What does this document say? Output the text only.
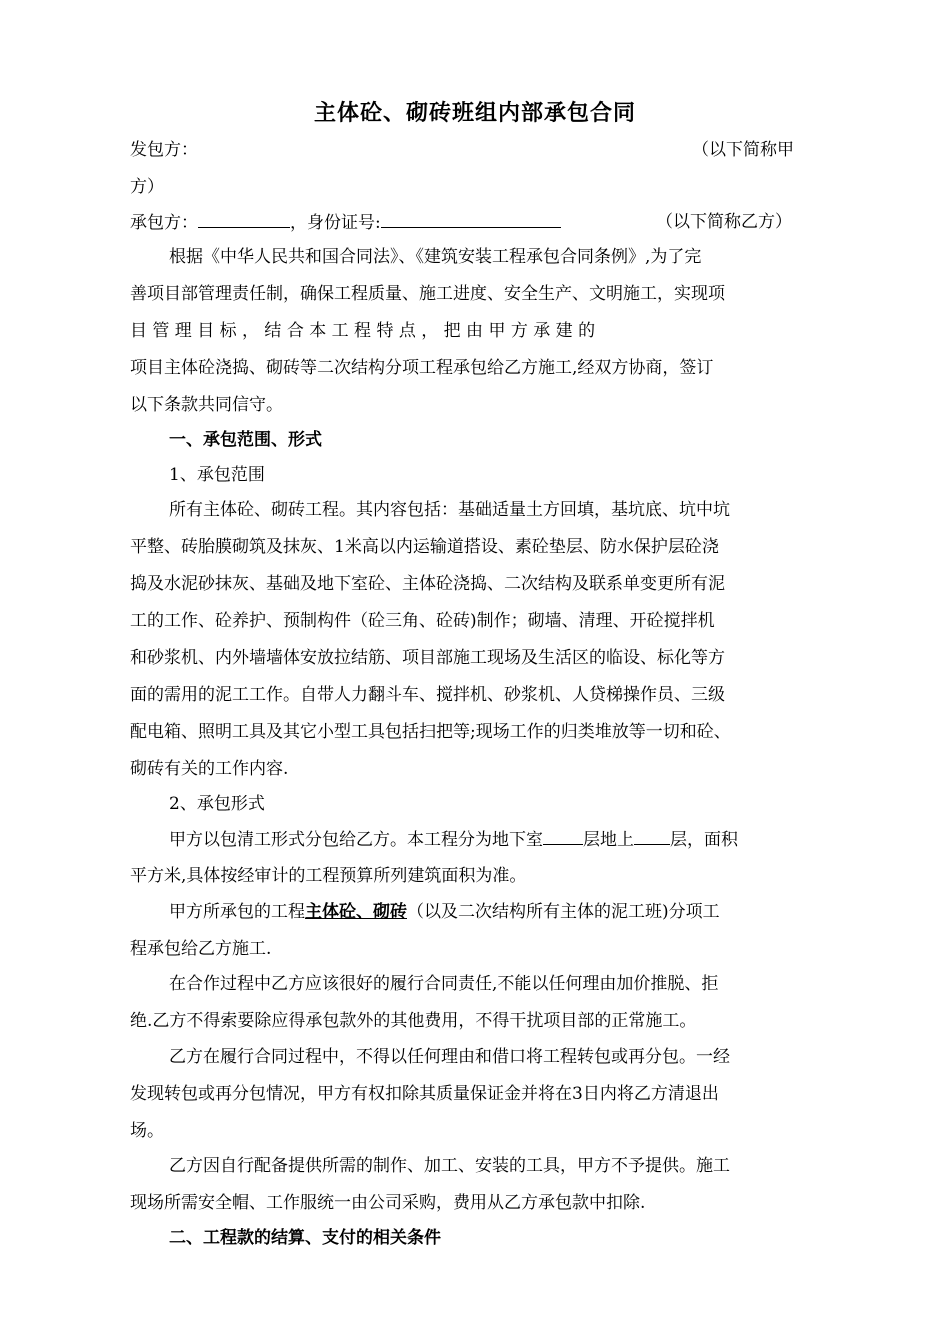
主体砼、砌砖班组内部承包合同
发包方：	（以下简称甲
方）
承包方：	，身份证号:	（以下简称乙方）
根据《中华人民共和国合同法》、《建筑安装工程承包合同条例》,为了完
善项目部管理责任制，确保工程质量、施工进度、安全生产、文明施工，实现项
目 管 理 目 标 ， 结 合 本 工 程 特 点 ， 把 由 甲 方 承 建 的
项目主体砼浇捣、砌砖等二次结构分项工程承包给乙方施工,经双方协商，签订
以下条款共同信守。
一、承包范围、形式
1、承包范围
所有主体砼、砌砖工程。其内容包括：基础适量土方回填，基坑底、坑中坑
平整、砖胎膜砌筑及抹灰、1米高以内运输道搭设、素砼垫层、防水保护层砼浇
捣及水泥砂抹灰、基础及地下室砼、主体砼浇捣、二次结构及联系单变更所有泥
工的工作、砼养护、预制构件（砼三角、砼砖)制作；砌墙、清理、开砼搅拌机
和砂浆机、内外墙墙体安放拉结筋、项目部施工现场及生活区的临设、标化等方
面的需用的泥工工作。自带人力翻斗车、搅拌机、砂浆机、人贷梯操作员、三级
配电箱、照明工具及其它小型工具包括扫把等;现场工作的归类堆放等一切和砼、
砌砖有关的工作内容.
2、承包形式
甲方以包清工形式分包给乙方。本工程分为地下室 层地上 层，面积
平方米,具体按经审计的工程预算所列建筑面积为准。
甲方所承包的工程主体砼、砌砖（以及二次结构所有主体的泥工班)分项工
程承包给乙方施工.
在合作过程中乙方应该很好的履行合同责任,不能以任何理由加价推脱、拒
绝.乙方不得索要除应得承包款外的其他费用，不得干扰项目部的正常施工。
乙方在履行合同过程中，不得以任何理由和借口将工程转包或再分包。一经
发现转包或再分包情况，甲方有权扣除其质量保证金并将在3日内将乙方清退出
场。
乙方因自行配备提供所需的制作、加工、安装的工具，甲方不予提供。施工
现场所需安全帽、工作服统一由公司采购，费用从乙方承包款中扣除.
二、工程款的结算、支付的相关条件
